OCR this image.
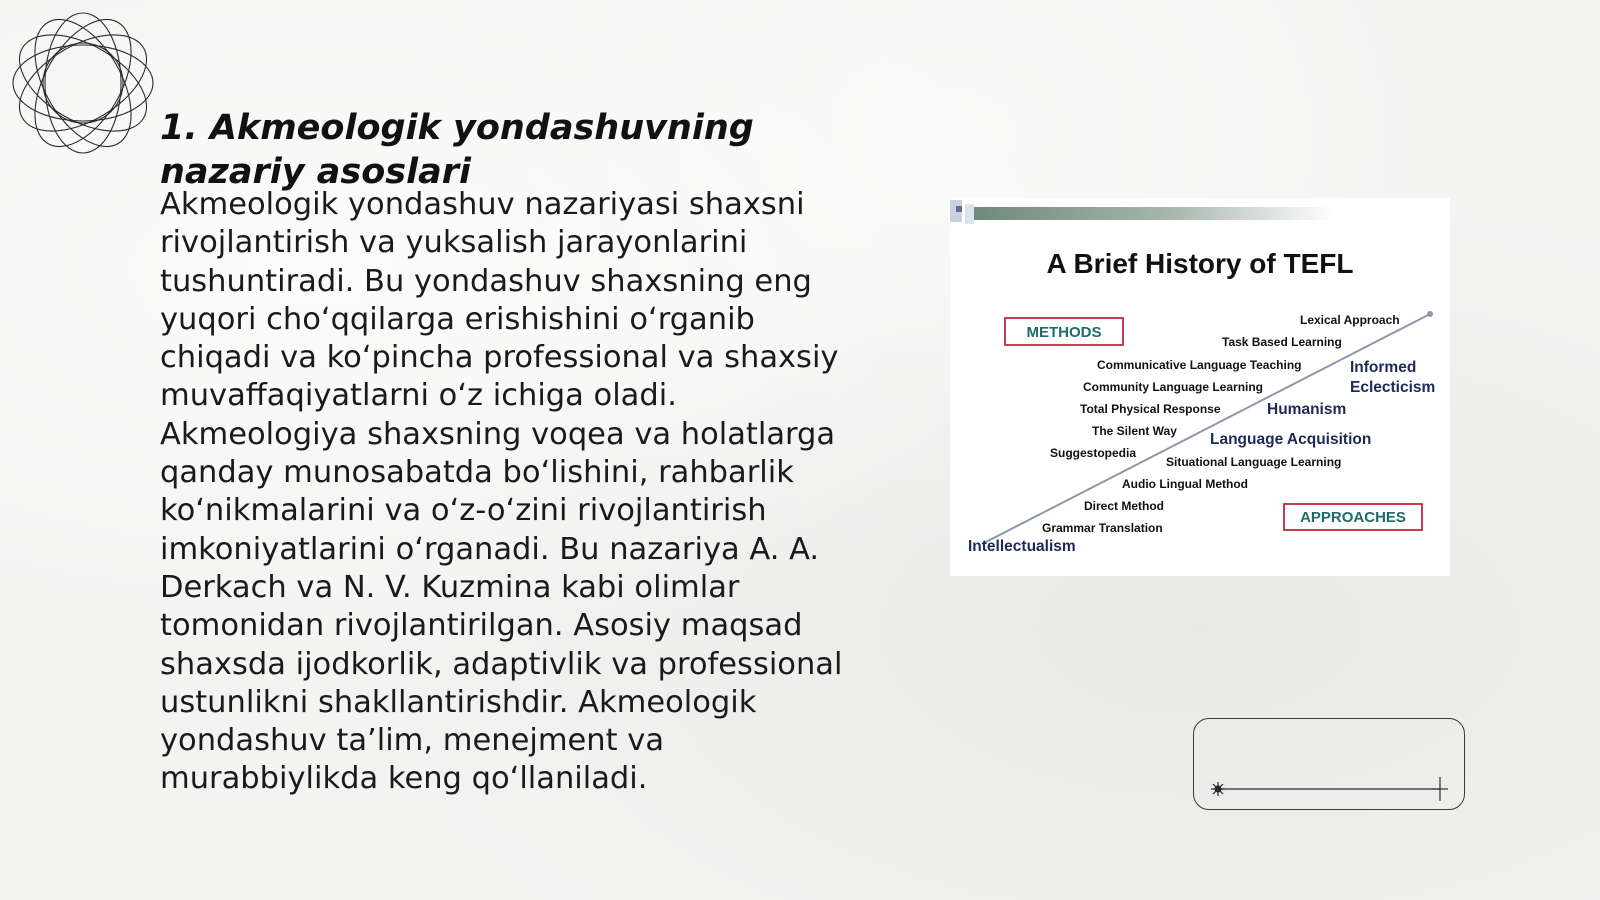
1. Akmeologik yondashuvning nazariy asoslari

Akmeologik yondashuv nazariyasi shaxsni rivojlantirish va yuksalish jarayonlarini tushuntiradi. Bu yondashuv shaxsning eng yuqori cho‘qqilarga erishishini o‘rganib chiqadi va ko‘pincha professional va shaxsiy muvaffaqiyatlarni o‘z ichiga oladi. Akmeologiya shaxsning voqea va holatlarga qanday munosabatda bo‘lishini, rahbarlik ko‘nikmalarini va o‘z-o‘zini rivojlantirish imkoniyatlarini o‘rganadi. Bu nazariya A. A. Derkach va N. V. Kuzmina kabi olimlar tomonidan rivojlantirilgan. Asosiy maqsad shaxsda ijodkorlik, adaptivlik va professional ustunlikni shakllantirishdir. Akmeologik yondashuv ta’lim, menejment va murabbiylikda keng qo‘llaniladi.

A Brief History of TEFL
METHODS
APPROACHES
Lexical Approach
Task Based Learning
Communicative Language Teaching
Community Language Learning
Total Physical Response
The Silent Way
Suggestopedia
Situational Language Learning
Audio Lingual Method
Direct Method
Grammar Translation
Informed
Eclecticism
Humanism
Language Acquisition
Intellectualism
